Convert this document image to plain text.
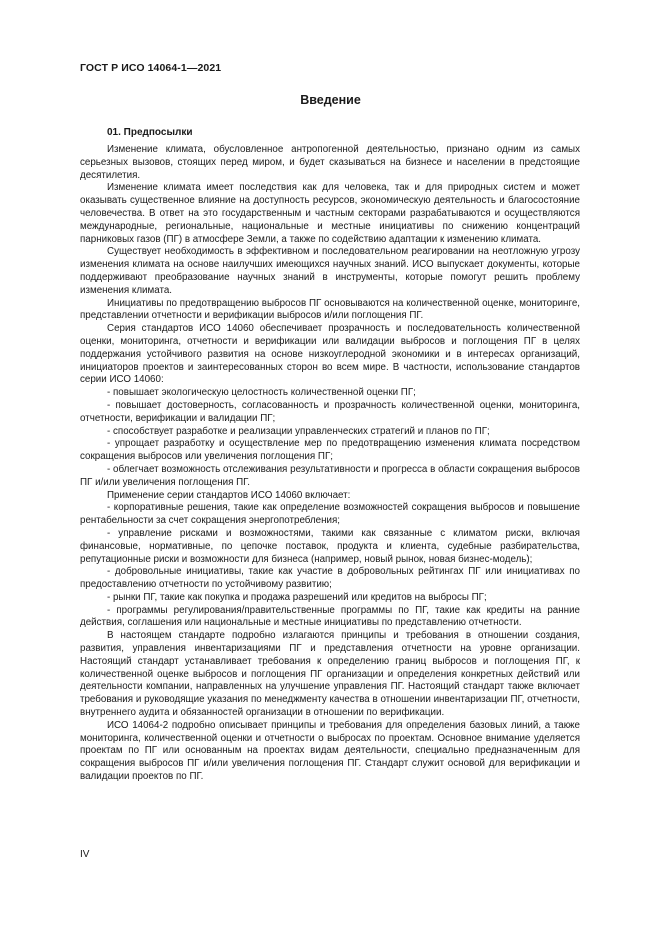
ГОСТ Р ИСО 14064-1—2021
Введение
01. Предпосылки

Изменение климата, обусловленное антропогенной деятельностью, признано одним из самых серьезных вызовов, стоящих перед миром, и будет сказываться на бизнесе и населении в предстоящие десятилетия.

Изменение климата имеет последствия как для человека, так и для природных систем и может оказывать существенное влияние на доступность ресурсов, экономическую деятельность и благосостояние человечества. В ответ на это государственным и частным секторами разрабатываются и осуществляются международные, региональные, национальные и местные инициативы по снижению концентраций парниковых газов (ПГ) в атмосфере Земли, а также по содействию адаптации к изменению климата.

Существует необходимость в эффективном и последовательном реагировании на неотложную угрозу изменения климата на основе наилучших имеющихся научных знаний. ИСО выпускает документы, которые поддерживают преобразование научных знаний в инструменты, которые помогут решить проблему изменения климата.

Инициативы по предотвращению выбросов ПГ основываются на количественной оценке, мониторинге, представлении отчетности и верификации выбросов и/или поглощения ПГ.

Серия стандартов ИСО 14060 обеспечивает прозрачность и последовательность количественной оценки, мониторинга, отчетности и верификации или валидации выбросов и поглощения ПГ в целях поддержания устойчивого развития на основе низкоуглеродной экономики и в интересах организаций, инициаторов проектов и заинтересованных сторон во всем мире. В частности, использование стандартов серии ИСО 14060:

- повышает экологическую целостность количественной оценки ПГ;

- повышает достоверность, согласованность и прозрачность количественной оценки, мониторинга, отчетности, верификации и валидации ПГ;

- способствует разработке и реализации управленческих стратегий и планов по ПГ;

- упрощает разработку и осуществление мер по предотвращению изменения климата посредством сокращения выбросов или увеличения поглощения ПГ;

- облегчает возможность отслеживания результативности и прогресса в области сокращения выбросов ПГ и/или увеличения поглощения ПГ.

Применение серии стандартов ИСО 14060 включает:

- корпоративные решения, такие как определение возможностей сокращения выбросов и повышение рентабельности за счет сокращения энергопотребления;

- управление рисками и возможностями, такими как связанные с климатом риски, включая финансовые, нормативные, по цепочке поставок, продукта и клиента, судебные разбирательства, репутационные риски и возможности для бизнеса (например, новый рынок, новая бизнес-модель);

- добровольные инициативы, такие как участие в добровольных рейтингах ПГ или инициативах по предоставлению отчетности по устойчивому развитию;

- рынки ПГ, такие как покупка и продажа разрешений или кредитов на выбросы ПГ;

- программы регулирования/правительственные программы по ПГ, такие как кредиты на ранние действия, соглашения или национальные и местные инициативы по представлению отчетности.

В настоящем стандарте подробно излагаются принципы и требования в отношении создания, развития, управления инвентаризациями ПГ и представления отчетности на уровне организации. Настоящий стандарт устанавливает требования к определению границ выбросов и поглощения ПГ, к количественной оценке выбросов и поглощения ПГ организации и определения конкретных действий или деятельности компании, направленных на улучшение управления ПГ. Настоящий стандарт также включает требования и руководящие указания по менеджменту качества в отношении инвентаризации ПГ, отчетности, внутреннего аудита и обязанностей организации в отношении по верификации.

ИСО 14064-2 подробно описывает принципы и требования для определения базовых линий, а также мониторинга, количественной оценки и отчетности о выбросах по проектам. Основное внимание уделяется проектам по ПГ или основанным на проектах видам деятельности, специально предназначенным для сокращения выбросов ПГ и/или увеличения поглощения ПГ. Стандарт служит основой для верификации и валидации проектов по ПГ.

IV
